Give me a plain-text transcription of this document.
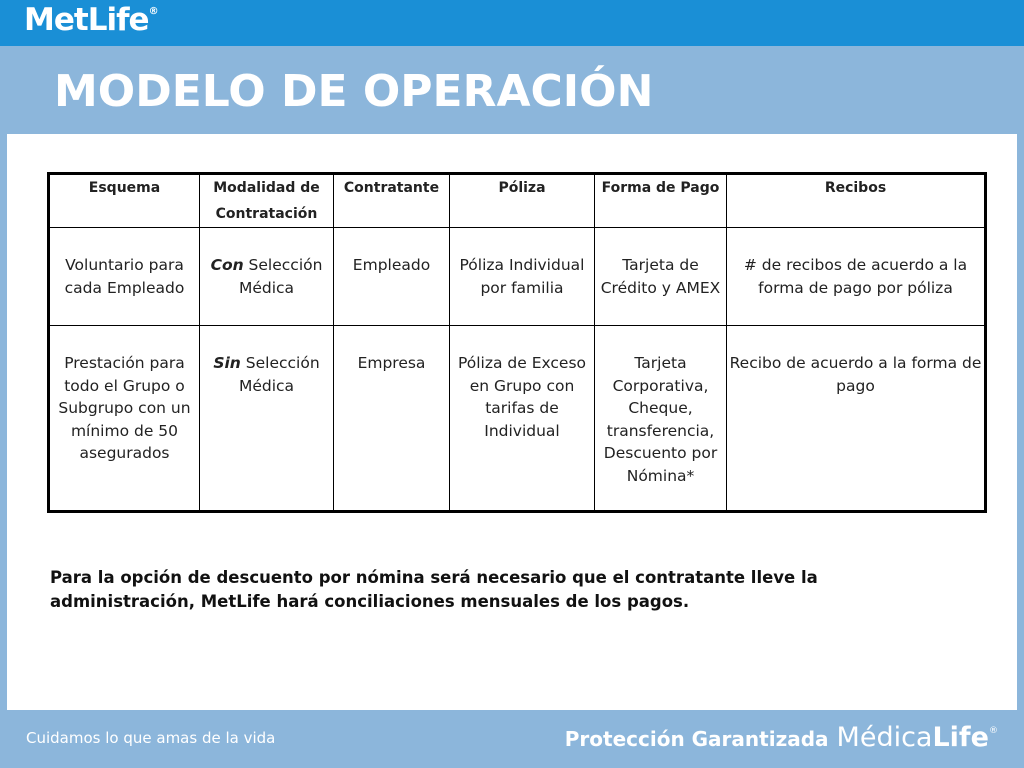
MetLife®
MODELO DE OPERACIÓN
Esquema	Modalidad de Contratación	Contratante	Póliza	Forma de Pago	Recibos
Voluntario para cada Empleado	Con Selección Médica	Empleado	Póliza Individual por familia	Tarjeta de Crédito y AMEX	# de recibos de acuerdo a la forma de pago por póliza
Prestación para todo el Grupo o Subgrupo con un mínimo de 50 asegurados	Sin Selección Médica	Empresa	Póliza de Exceso en Grupo con tarifas de Individual	Tarjeta Corporativa, Cheque, transferencia, Descuento por Nómina*	Recibo de acuerdo a la forma de pago
Para la opción de descuento por nómina será necesario que el contratante lleve la administración, MetLife hará conciliaciones mensuales de los pagos.
Cuidamos lo que amas de la vida	Protección Garantizada MédicaLife®
